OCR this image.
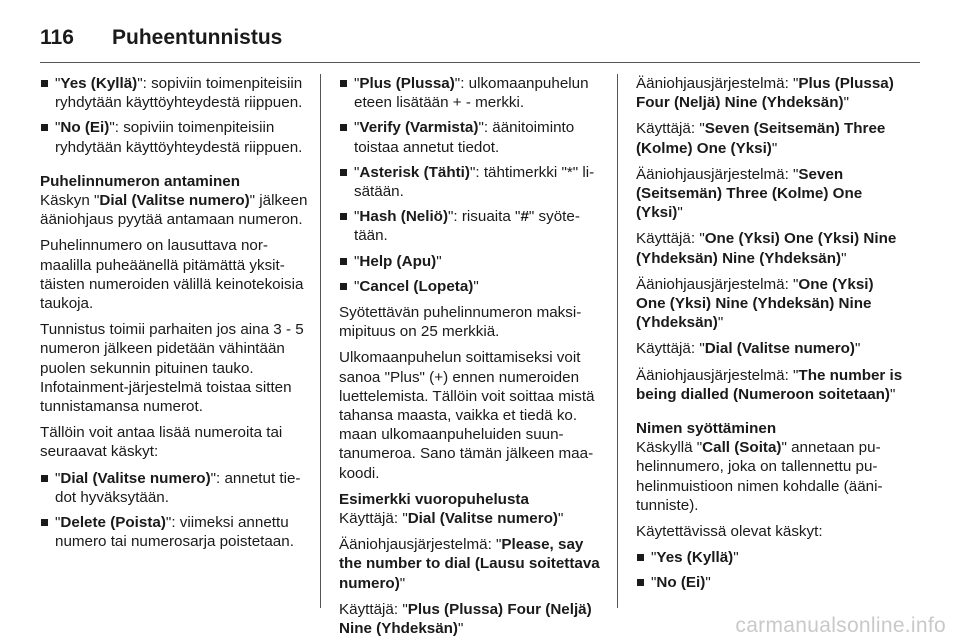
116	Puheentunnistus
"Yes (Kyllä)": sopiviin toimenpiteisiin ryhdytään käyttöyhteydestä riippuen.
"No (Ei)": sopiviin toimenpiteisiin ryhdytään käyttöyhteydestä riippuen.

Puhelinnumeron antaminen

Käskyn "Dial (Valitse numero)" jälkeen ääniohjaus pyytää antamaan numeron.

Puhelinnumero on lausuttava normaalilla puheäänellä pitämättä yksittäisten numeroiden välillä keinotekoisia taukoja.

Tunnistus toimii parhaiten jos aina 3 - 5 numeron jälkeen pidetään vähintään puolen sekunnin pituinen tauko. Infotainment-järjestelmä toistaa sitten tunnistamansa numerot.

Tällöin voit antaa lisää numeroita tai seuraavat käskyt:

"Dial (Valitse numero)": annetut tiedot hyväksytään.
"Delete (Poista)": viimeksi annettu numero tai numerosarja poistetaan.
"Plus (Plussa)": ulkomaanpuhelun eteen lisätään + - merkki.
"Verify (Varmista)": äänitoiminto toistaa annetut tiedot.
"Asterisk (Tähti)": tähtimerkki "*" lisätään.
"Hash (Neliö)": risuaita "#" syötetään.
"Help (Apu)"
"Cancel (Lopeta)"

Syötettävän puhelinnumeron maksimipituus on 25 merkkiä.

Ulkomaanpuhelun soittamiseksi voit sanoa "Plus" (+) ennen numeroiden luettelemista. Tällöin voit soittaa mistä tahansa maasta, vaikka et tiedä ko. maan ulkomaanpuheluiden suuntanumeroa. Sano tämän jälkeen maakoodi.

Esimerkki vuoropuhelusta

Käyttäjä: "Dial (Valitse numero)"

Ääniohjausjärjestelmä: "Please, say the number to dial (Lausu soitettava numero)"

Käyttäjä: "Plus (Plussa) Four (Neljä) Nine (Yhdeksän)"

Ääniohjausjärjestelmä: "Plus (Plussa) Four (Neljä) Nine (Yhdeksän)"

Käyttäjä: "Seven (Seitsemän) Three (Kolme) One (Yksi)"

Ääniohjausjärjestelmä: "Seven (Seitsemän) Three (Kolme) One (Yksi)"

Käyttäjä: "One (Yksi) One (Yksi) Nine (Yhdeksän) Nine (Yhdeksän)"

Ääniohjausjärjestelmä: "One (Yksi) One (Yksi) Nine (Yhdeksän) Nine (Yhdeksän)"

Käyttäjä: "Dial (Valitse numero)"

Ääniohjausjärjestelmä: "The number is being dialled (Numeroon soitetaan)"

Nimen syöttäminen

Käskyllä "Call (Soita)" annetaan puhelinnumero, joka on tallennettu puhelinmuistioon nimen kohdalle (äänitunniste).

Käytettävissä olevat käskyt:

"Yes (Kyllä)"
"No (Ei)"
carmanualsonline.info
